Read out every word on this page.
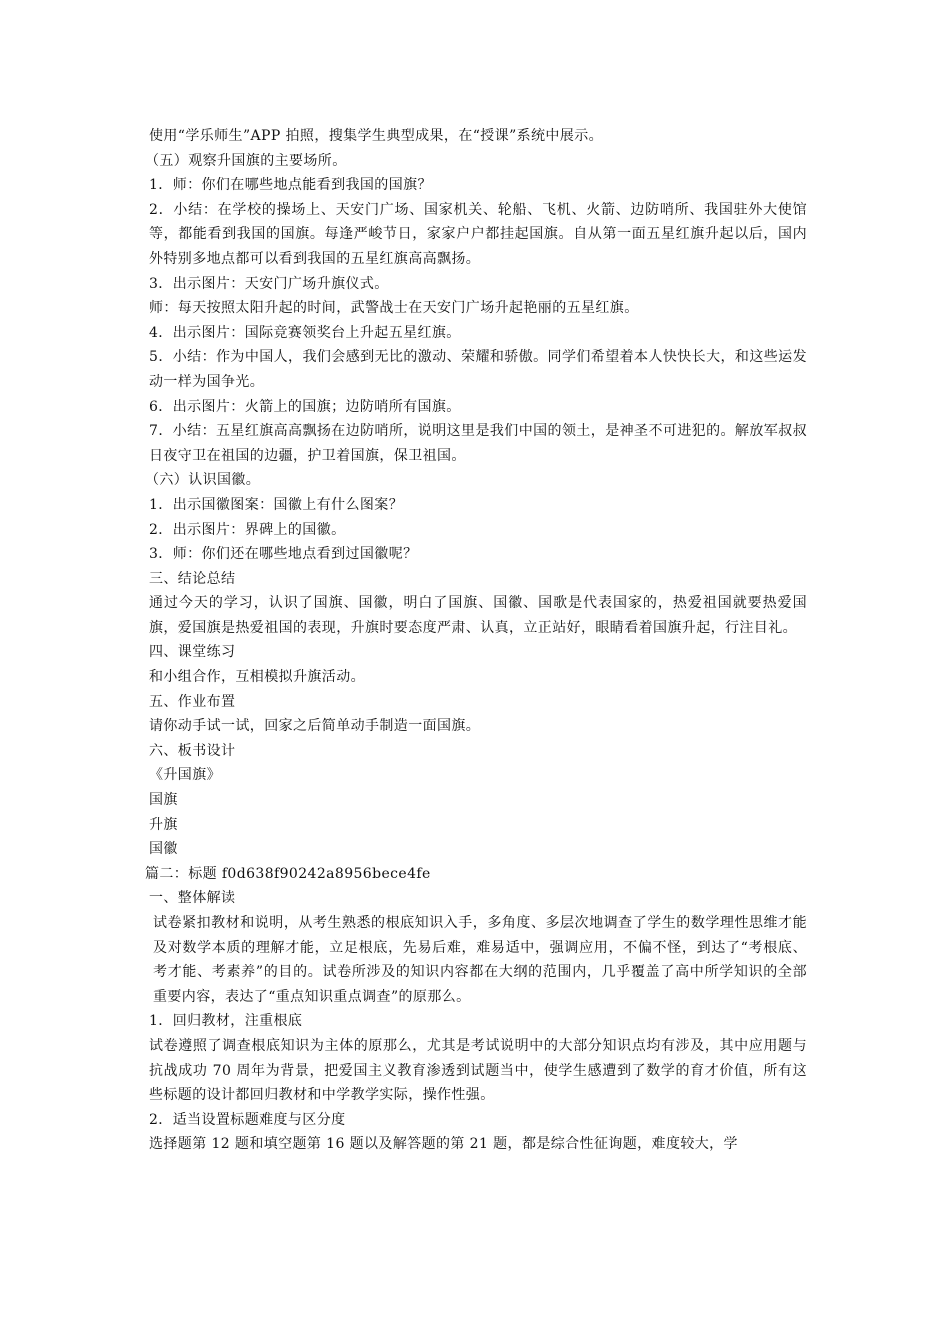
使用“学乐师生”APP 拍照，搜集学生典型成果，在“授课”系统中展示。

（五）观察升国旗的主要场所。

1．师：你们在哪些地点能看到我国的国旗？

2．小结：在学校的操场上、天安门广场、国家机关、轮船、飞机、火箭、边防哨所、我国驻外大使馆等，都能看到我国的国旗。每逢严峻节日，家家户户都挂起国旗。自从第一面五星红旗升起以后，国内外特别多地点都可以看到我国的五星红旗高高飘扬。

3．出示图片：天安门广场升旗仪式。

师：每天按照太阳升起的时间，武警战士在天安门广场升起艳丽的五星红旗。

4．出示图片：国际竞赛领奖台上升起五星红旗。

5．小结：作为中国人，我们会感到无比的激动、荣耀和骄傲。同学们希望着本人快快长大，和这些运发动一样为国争光。

6．出示图片：火箭上的国旗；边防哨所有国旗。

7．小结：五星红旗高高飘扬在边防哨所，说明这里是我们中国的领土，是神圣不可进犯的。解放军叔叔日夜守卫在祖国的边疆，护卫着国旗，保卫祖国。

（六）认识国徽。

1．出示国徽图案：国徽上有什么图案？

2．出示图片：界碑上的国徽。

3．师：你们还在哪些地点看到过国徽呢？

三、结论总结

通过今天的学习，认识了国旗、国徽，明白了国旗、国徽、国歌是代表国家的，热爱祖国就要热爱国旗，爱国旗是热爱祖国的表现，升旗时要态度严肃、认真，立正站好，眼睛看着国旗升起，行注目礼。

四、课堂练习

和小组合作，互相模拟升旗活动。

五、作业布置

请你动手试一试，回家之后简单动手制造一面国旗。

六、板书设计

《升国旗》

国旗

升旗

国徽

篇二：标题 f0d638f90242a8956bece4fe

一、整体解读

试卷紧扣教材和说明，从考生熟悉的根底知识入手，多角度、多层次地调查了学生的数学理性思维才能及对数学本质的理解才能，立足根底，先易后难，难易适中，强调应用，不偏不怪，到达了“考根底、考才能、考素养”的目的。试卷所涉及的知识内容都在大纲的范围内，几乎覆盖了高中所学知识的全部重要内容，表达了“重点知识重点调查”的原那么。

1．回归教材，注重根底

试卷遵照了调查根底知识为主体的原那么，尤其是考试说明中的大部分知识点均有涉及，其中应用题与抗战成功 70 周年为背景，把爱国主义教育渗透到试题当中，使学生感遭到了数学的育才价值，所有这些标题的设计都回归教材和中学教学实际，操作性强。

2．适当设置标题难度与区分度

选择题第 12 题和填空题第 16 题以及解答题的第 21 题，都是综合性征询题，难度较大，学
